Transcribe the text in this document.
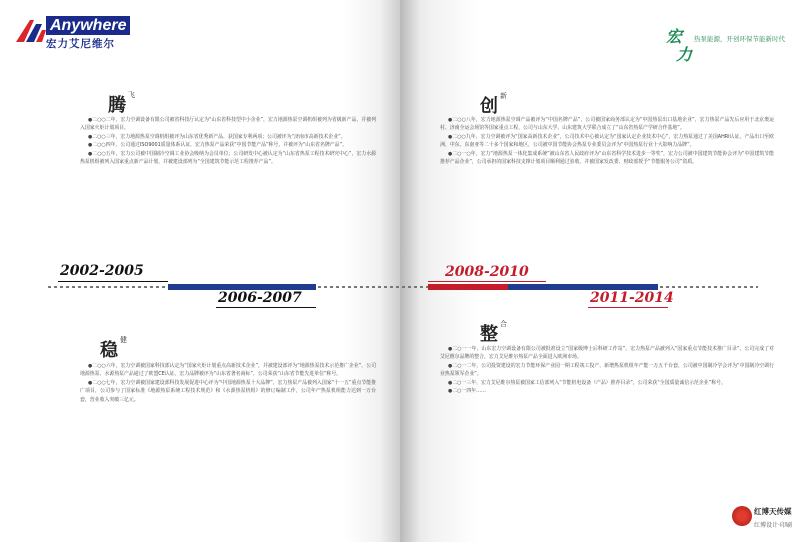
Anywhere
宏力艾尼维尔
腾 飞

●二○○二年，宏力空调设备有限公司被省科技厅认定为“山东省科技型中小企业”，宏力地源热泵空调机组被列为省级新产品，并被列入国家火炬计划项目。

●二○○三年，宏力地源热泵空调机组被评为山东省优秀新产品，获国家专利两项；公司被评为“济南市高新技术企业”。

●二○○四年，公司通过ISO9001质量体系认证，宏力热泵产品荣获“中国节能产品”称号，并被评为“山东省名牌产品”。

●二○○五年，宏力公司被中国制冷空调工业协会吸纳为会员单位；公司研发中心被认定为“山东省热泵工程技术研究中心”，宏力水源热泵机组被列入国家重点新产品计划，并被建设部列为“全国建筑节能示范工程推荐产品”。

稳 健

●二○○六年，宏力空调被国家科技部认定为“国家火炬计划重点高新技术企业”，并被建设部评为“地源热泵技术示范推广企业”，公司地源热泵、水源热泵产品通过了欧盟CE认证，宏力品牌被评为“山东省著名商标”，公司荣获“山东省节能先进单位”称号。

●二○○七年，宏力空调被国家建设部科技发展促进中心评为“中国地源热泵十大品牌”，宏力热泵产品被列入国家“十一五”重点节能推广项目，公司参与了国家标准《地源热泵系统工程技术规范》和《水源热泵机组》的修订编制工作，公司年产热泵机组能力达到一万台套，营业收入突破三亿元。

宏
力
热泵能源，开创环保节能新时代
创 新

●二○○八年，宏力地源热泵空调产品被评为“中国名牌产品”，公司被国家商务部认定为“中国热泵出口基地企业”，宏力热泵产品先后应用于北京奥运村、济南全运会场馆等国家重点工程，公司与山东大学、山东建筑大学联合成立了“山东省热泵产学研合作基地”。

●二○○九年，宏力空调被评为“国家高新技术企业”，公司技术中心被认定为“国家认定企业技术中心”，宏力热泵通过了美国AHRI认证，产品出口至欧洲、中东、东南亚等二十多个国家和地区，公司被中国节能协会热泵专业委员会评为“中国热泵行业十大影响力品牌”。

●二○一○年，宏力“地源热泵一体化集成系统”被山东省人民政府评为“山东省科学技术进步一等奖”，宏力公司被中国建筑节能协会评为“中国建筑节能推荐产品企业”，公司承担的国家科技支撑计划项目顺利通过验收，并被国家发改委、财政部授予“节能服务公司”资质。

整 合

●二○一一年，山东宏力空调设备有限公司被批准设立“国家级博士后科研工作站”，宏力热泵产品被列入“国家重点节能技术推广目录”，公司完成了对艾尼维尔品牌的整合，宏力艾尼维尔热泵产品全面进入欧洲市场。

●二○一二年，公司投资建设的宏力节能环保产业园一期工程竣工投产，新增热泵机组年产能一万五千台套，公司被中国制冷学会评为“中国制冷空调行业热泵领军企业”。

●二○一三年，宏力艾尼维尔热泵被国家工信部列入“节能机电设备（产品）推荐目录”，公司荣获“全国质量诚信示范企业”称号。

●二○一四年……

红博天传媒
红博设计·印刷
2002-2005
2006-2007
2008-2010
2011-2014
